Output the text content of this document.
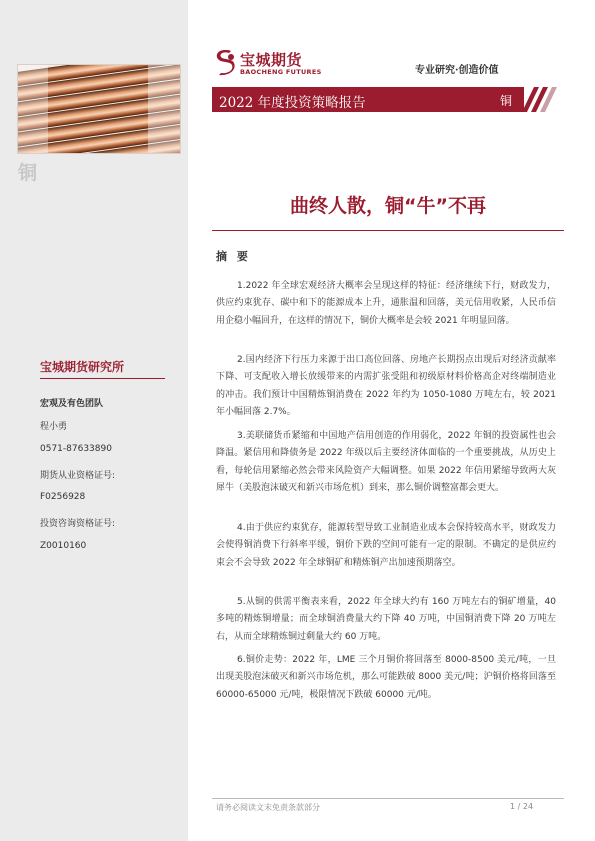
铜
宝城期货研究所
宏观及有色团队
程小勇
0571-87633890
期货从业资格证号:
F0256928
投资咨询资格证号:
Z0010160
宝城期货
BAOCHENG FUTURES	专业研究·创造价值
2022 年度投资策略报告	铜
曲终人散，铜“牛”不再
摘 要

1.2022 年全球宏观经济大概率会呈现这样的特征：经济继续下行，财政发力，供应约束犹存、碳中和下的能源成本上升，通胀温和回落，美元信用收紧，人民币信用企稳小幅回升，在这样的情况下，铜价大概率是会较 2021 年明显回落。

2.国内经济下行压力来源于出口高位回落、房地产长期拐点出现后对经济贡献率下降、可支配收入增长放缓带来的内需扩张受阻和初级原材料价格高企对终端制造业的冲击。我们预计中国精炼铜消费在 2022 年约为 1050-1080 万吨左右，较 2021 年小幅回落 2.7%。

3.美联储货币紧缩和中国地产信用创造的作用弱化，2022 年铜的投资属性也会降温。紧信用和降债务是 2022 年级以后主要经济体面临的一个重要挑战，从历史上看，每轮信用紧缩必然会带来风险资产大幅调整。如果 2022 年信用紧缩导致两大灰犀牛（美股泡沫破灭和新兴市场危机）到来，那么铜价调整富都会更大。

4.由于供应约束犹存，能源转型导致工业制造业成本会保持较高水平，财政发力会使得铜消费下行斜率平缓，铜价下跌的空间可能有一定的限制。不确定的是供应约束会不会导致 2022 年全球铜矿和精炼铜产出加速预期落空。

5.从铜的供需平衡表来看，2022 年全球大约有 160 万吨左右的铜矿增量，40 多吨的精炼铜增量；而全球铜消费量大约下降 40 万吨，中国铜消费下降 20 万吨左右，从而全球精炼铜过剩量大约 60 万吨。

6.铜价走势：2022 年，LME 三个月铜价将回落至 8000-8500 美元/吨，一旦出现美股泡沫破灭和新兴市场危机，那么可能跌破 8000 美元/吨；沪铜价格将回落至 60000-65000 元/吨，极限情况下跌破 60000 元/吨。

请务必阅读文末免责条款部分	1 / 24
